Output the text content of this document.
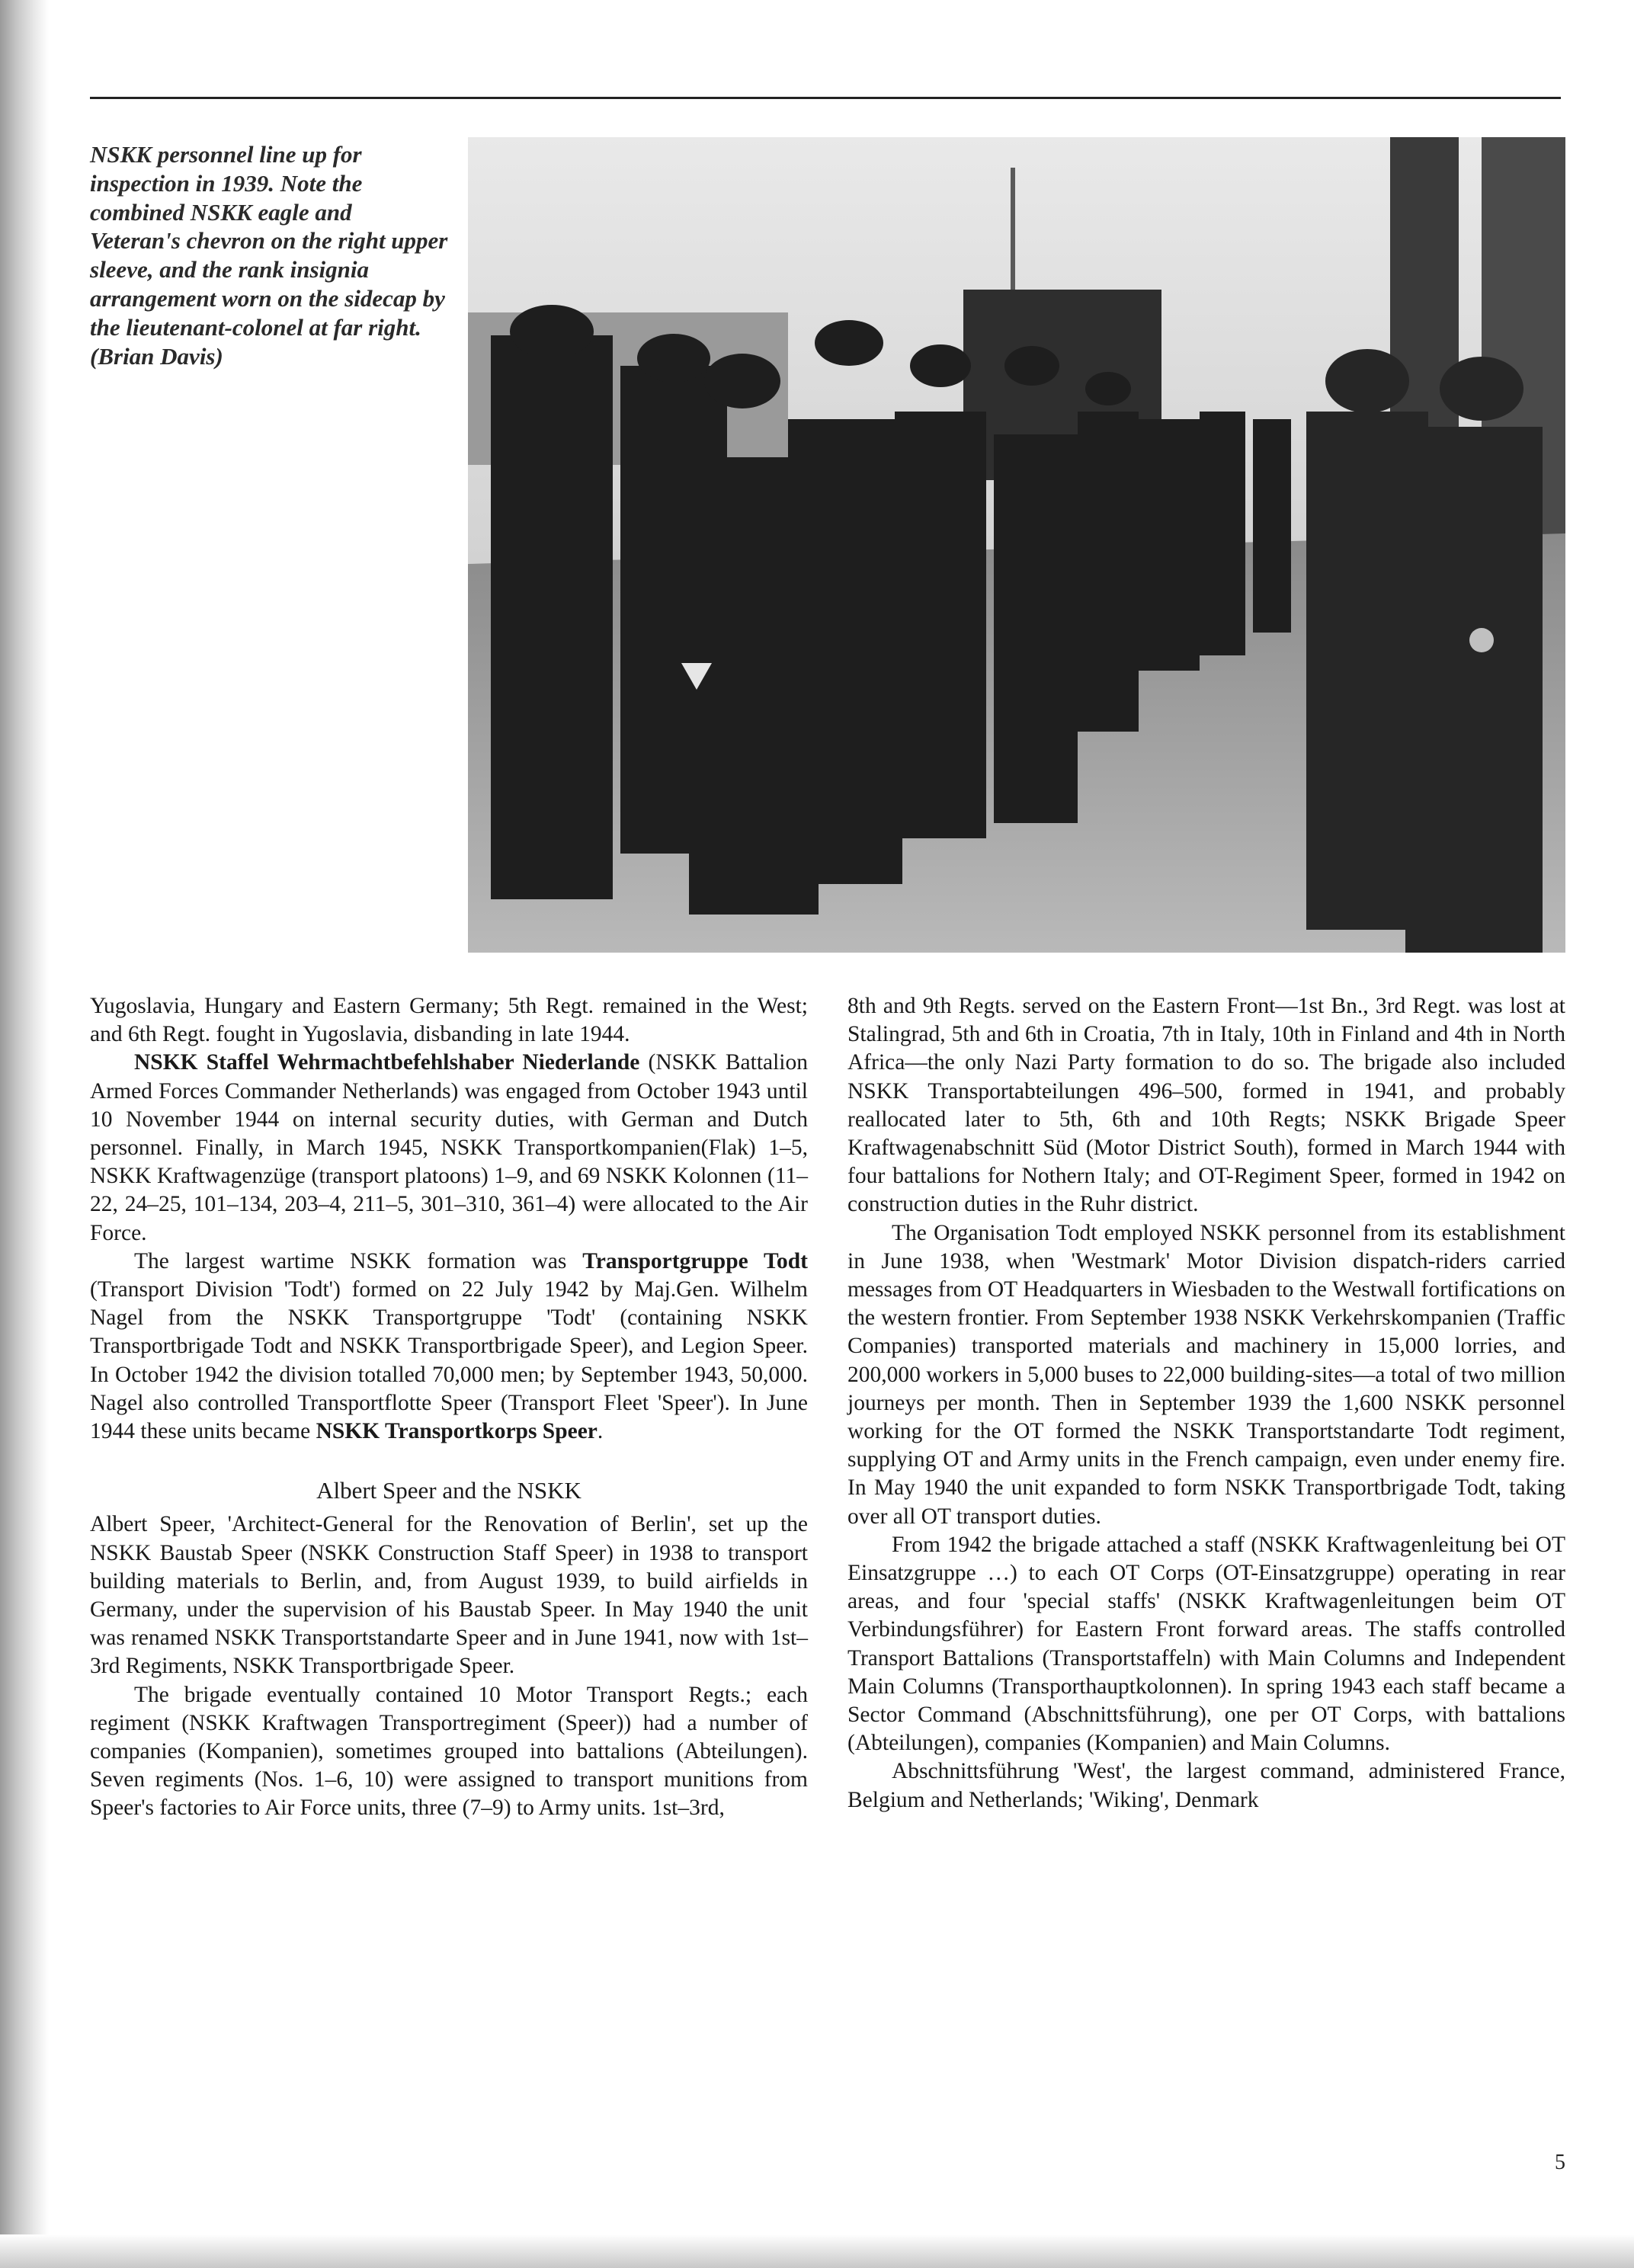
NSKK personnel line up for inspection in 1939. Note the combined NSKK eagle and Veteran's chevron on the right upper sleeve, and the rank insignia arrangement worn on the sidecap by the lieutenant-colonel at far right.
(Brian Davis)

Yugoslavia, Hungary and Eastern Germany; 5th Regt. remained in the West; and 6th Regt. fought in Yugoslavia, disbanding in late 1944.

NSKK Staffel Wehrmachtbefehlshaber Niederlande (NSKK Battalion Armed Forces Commander Netherlands) was engaged from October 1943 until 10 November 1944 on internal security duties, with German and Dutch personnel. Finally, in March 1945, NSKK Transportkompanien(Flak) 1–5, NSKK Kraftwagenzüge (transport platoons) 1–9, and 69 NSKK Kolonnen (11–22, 24–25, 101–134, 203–4, 211–5, 301–310, 361–4) were allocated to the Air Force.

The largest wartime NSKK formation was Transportgruppe Todt (Transport Division 'Todt') formed on 22 July 1942 by Maj.Gen. Wilhelm Nagel from the NSKK Transportgruppe 'Todt' (containing NSKK Transportbrigade Todt and NSKK Transportbrigade Speer), and Legion Speer. In October 1942 the division totalled 70,000 men; by September 1943, 50,000. Nagel also controlled Transportflotte Speer (Transport Fleet 'Speer'). In June 1944 these units became NSKK Transportkorps Speer.

Albert Speer and the NSKK

Albert Speer, 'Architect-General for the Renovation of Berlin', set up the NSKK Baustab Speer (NSKK Construction Staff Speer) in 1938 to transport building materials to Berlin, and, from August 1939, to build airfields in Germany, under the supervision of his Baustab Speer. In May 1940 the unit was renamed NSKK Transportstandarte Speer and in June 1941, now with 1st–3rd Regiments, NSKK Transportbrigade Speer.

The brigade eventually contained 10 Motor Transport Regts.; each regiment (NSKK Kraftwagen Transportregiment (Speer)) had a number of companies (Kompanien), sometimes grouped into battalions (Abteilungen). Seven regiments (Nos. 1–6, 10) were assigned to transport munitions from Speer's factories to Air Force units, three (7–9) to Army units. 1st–3rd,

8th and 9th Regts. served on the Eastern Front—1st Bn., 3rd Regt. was lost at Stalingrad, 5th and 6th in Croatia, 7th in Italy, 10th in Finland and 4th in North Africa—the only Nazi Party formation to do so. The brigade also included NSKK Transportabteilungen 496–500, formed in 1941, and probably reallocated later to 5th, 6th and 10th Regts; NSKK Brigade Speer Kraftwagenabschnitt Süd (Motor District South), formed in March 1944 with four battalions for Nothern Italy; and OT-Regiment Speer, formed in 1942 on construction duties in the Ruhr district.

The Organisation Todt employed NSKK personnel from its establishment in June 1938, when 'Westmark' Motor Division dispatch-riders carried messages from OT Headquarters in Wiesbaden to the Westwall fortifications on the western frontier. From September 1938 NSKK Verkehrskompanien (Traffic Companies) transported materials and machinery in 15,000 lorries, and 200,000 workers in 5,000 buses to 22,000 building-sites—a total of two million journeys per month. Then in September 1939 the 1,600 NSKK personnel working for the OT formed the NSKK Transportstandarte Todt regiment, supplying OT and Army units in the French campaign, even under enemy fire. In May 1940 the unit expanded to form NSKK Transportbrigade Todt, taking over all OT transport duties.

From 1942 the brigade attached a staff (NSKK Kraftwagenleitung bei OT Einsatzgruppe …) to each OT Corps (OT-Einsatzgruppe) operating in rear areas, and four 'special staffs' (NSKK Kraftwagenleitungen beim OT Verbindungsführer) for Eastern Front forward areas. The staffs controlled Transport Battalions (Transportstaffeln) with Main Columns and Independent Main Columns (Transporthauptkolonnen). In spring 1943 each staff became a Sector Command (Abschnittsführung), one per OT Corps, with battalions (Abteilungen), companies (Kompanien) and Main Columns.

Abschnittsführung 'West', the largest command, administered France, Belgium and Netherlands; 'Wiking', Denmark

5
